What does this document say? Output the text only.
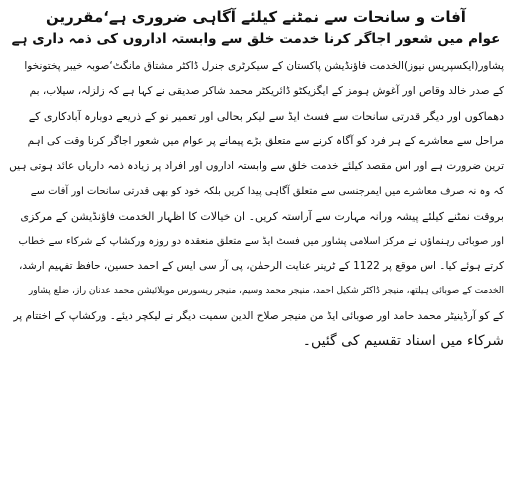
آفات و سانحات سے نمٹنے کیلئے آگاہی ضروری ہے‘مقررین
عوام میں شعور اجاگر کرنا خدمت خلق سے وابستہ اداروں کی ذمہ داری ہے
پشاور(ایکسپریس نیوز)الخدمت فاؤنڈیشن پاکستان کے سیکرٹری جنرل ڈاکٹر مشتاق مانگٹ‘صوبہ خیبر پختونخوا
کے صدر خالد وقاص اور آغوش ہومز کے ایگزیکٹو ڈائریکٹر محمد شاکر صدیقی نے کہا ہے کہ زلزلہ، سیلاب، بم
دھماکوں اور دیگر قدرتی سانحات سے فسٹ ایڈ سے لیکر بحالی اور تعمیر نو کے ذریعے دوبارہ آبادکاری کے
مراحل سے معاشرے کے ہر فرد کو آگاہ کرنے سے متعلق بڑے پیمانے پر عوام میں شعور اجاگر کرنا وقت کی اہم
ترین ضرورت ہے اور اس مقصد کیلئے خدمت خلق سے وابستہ اداروں اور افراد پر زیادہ ذمہ داریاں عائد ہوتی ہیں
کہ وہ نہ صرف معاشرے میں ایمرجنسی سے متعلق آگاہی پیدا کریں بلکہ خود کو بھی قدرتی سانحات اور آفات سے
بروقت نمٹنے کیلئے پیشہ ورانہ مہارت سے آراستہ کریں۔ ان خیالات کا اظہار الخدمت فاؤنڈیشن کے مرکزی
اور صوبائی رہنماؤں نے مرکز اسلامی پشاور میں فسٹ ایڈ سے متعلق منعقدہ دو روزہ ورکشاپ کے شرکاء سے خطاب
کرتے ہوئے کیا۔ اس موقع پر 1122 کے ٹرینر عنایت الرحمٰن، پی آر سی ایس کے احمد حسین، حافظ تفہیم ارشد،
الخدمت کے صوبائی ہیلتھ، منیجر ڈاکٹر شکیل احمد، منیجر محمد وسیم، منیجر ریسورس موبلائیشن محمد عدنان راز، ضلع پشاور
کے کو آرڈینیٹر محمد حامد اور صوبائی ایڈ من منیجر صلاح الدین سمیت دیگر نے لیکچر دیئے۔ ورکشاپ کے اختتام پر
شرکاء میں اسناد تقسیم کی گئیں۔
